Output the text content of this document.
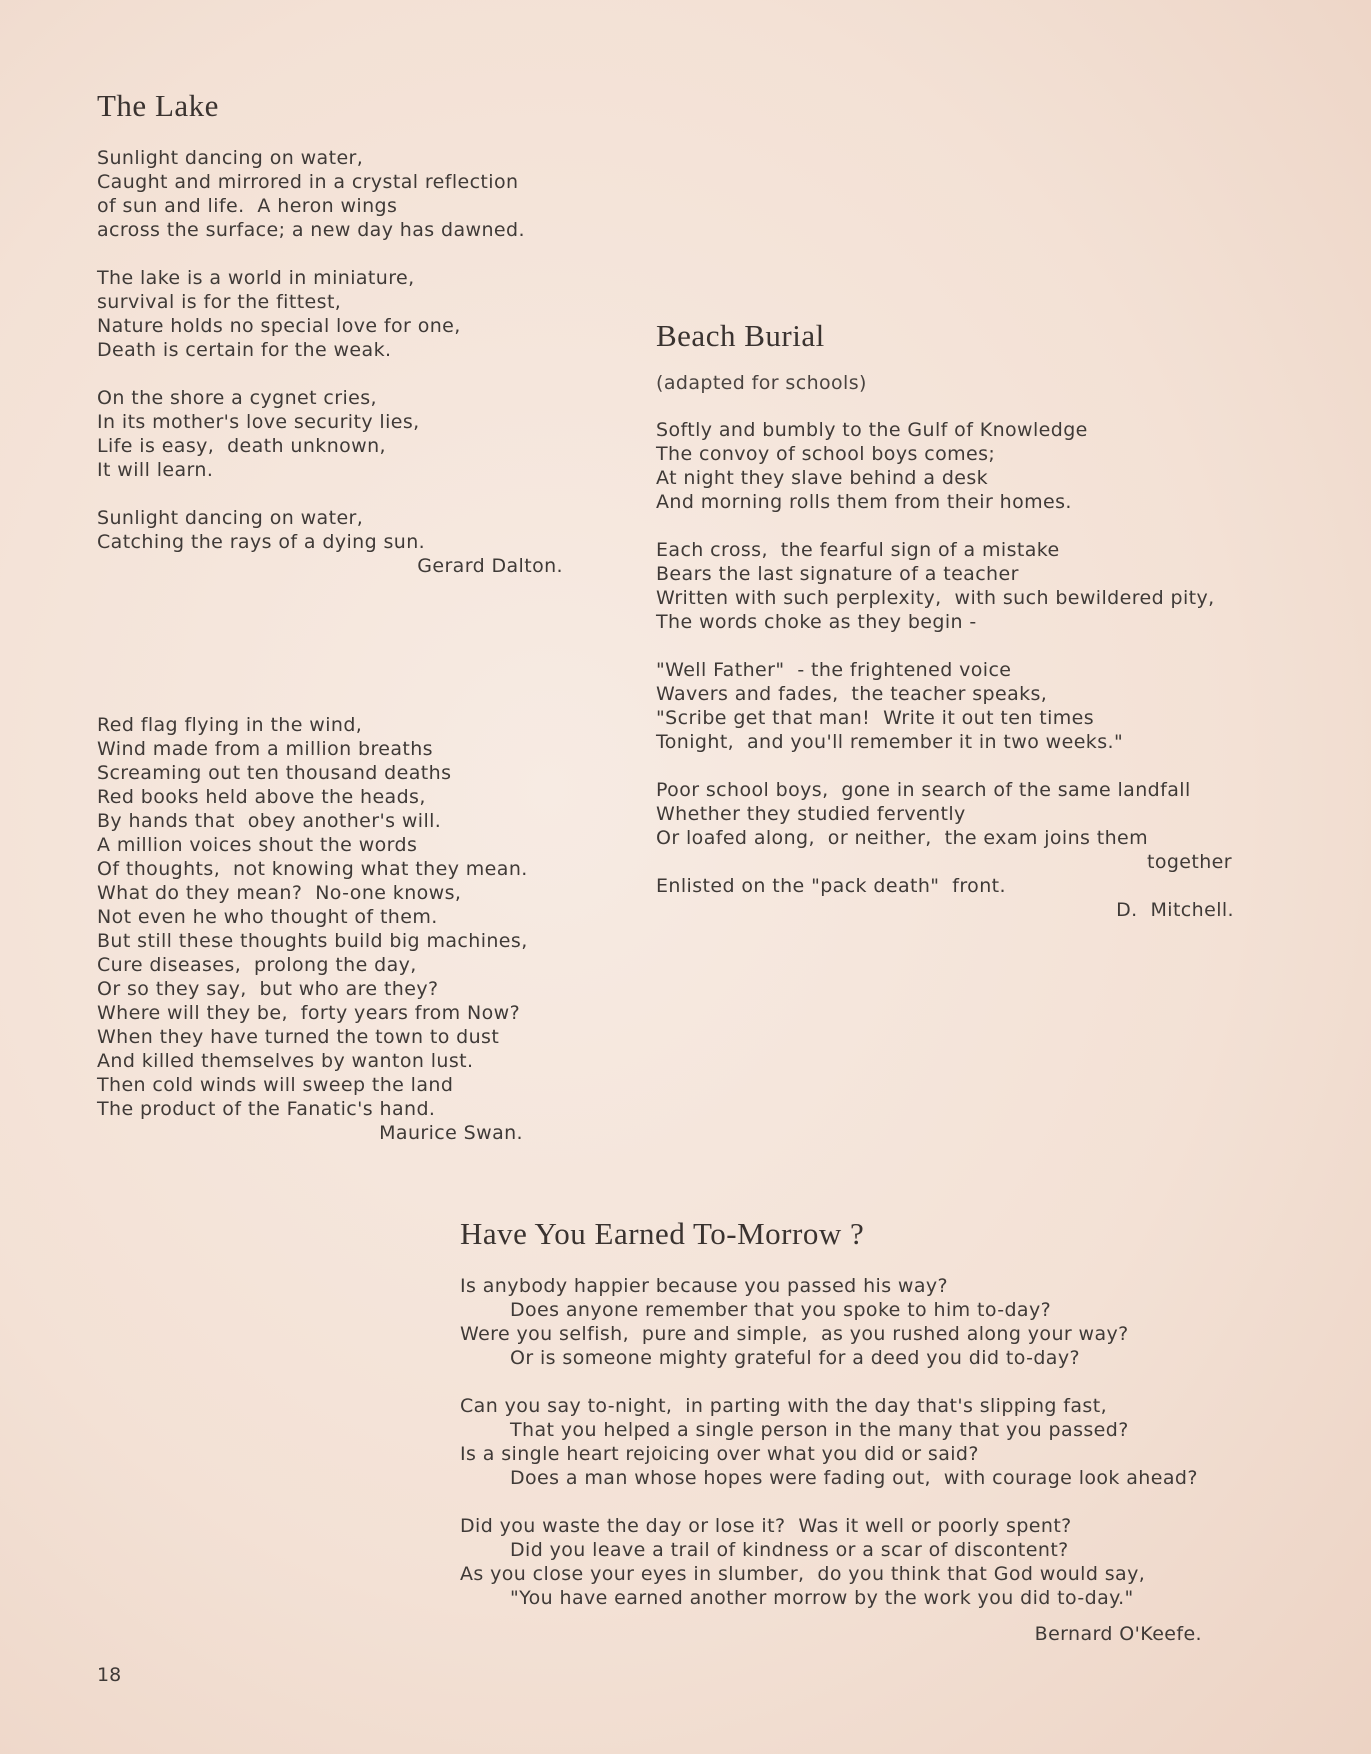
The Lake
Sunlight dancing on water,
Caught and mirrored in a crystal reflection
of sun and life.  A heron wings
across the surface; a new day has dawned.
The lake is a world in miniature,
survival is for the fittest,
Nature holds no special love for one,
Death is certain for the weak.
On the shore a cygnet cries,
In its mother's love security lies,
Life is easy,  death unknown,
It will learn.
Sunlight dancing on water,
Catching the rays of a dying sun.
Gerard Dalton.
Red flag flying in the wind,
Wind made from a million breaths
Screaming out ten thousand deaths
Red books held above the heads,
By hands that  obey another's will.
A million voices shout the words
Of thoughts,  not knowing what they mean.
What do they mean?  No-one knows,
Not even he who thought of them.
But still these thoughts build big machines,
Cure diseases,  prolong the day,
Or so they say,  but who are they?
Where will they be,  forty years from Now?
When they have turned the town to dust
And killed themselves by wanton lust.
Then cold winds will sweep the land
The product of the Fanatic's hand.
Maurice Swan.
Beach Burial
(adapted for schools)
Softly and bumbly to the Gulf of Knowledge
The convoy of school boys comes;
At night they slave behind a desk
And morning rolls them from their homes.
Each cross,  the fearful sign of a mistake
Bears the last signature of a teacher
Written with such perplexity,  with such bewildered pity,
The words choke as they begin -
"Well Father"  - the frightened voice
Wavers and fades,  the teacher speaks,
"Scribe get that man!  Write it out ten times
Tonight,  and you'll remember it in two weeks."
Poor school boys,  gone in search of the same landfall
Whether they studied fervently
Or loafed along,  or neither,  the exam joins them
together
Enlisted on the "pack death"  front.
D.  Mitchell.
Have You Earned To-Morrow ?
Is anybody happier because you passed his way?
Does anyone remember that you spoke to him to-day?
Were you selfish,  pure and simple,  as you rushed along your way?
Or is someone mighty grateful for a deed you did to-day?
Can you say to-night,  in parting with the day that's slipping fast,
That you helped a single person in the many that you passed?
Is a single heart rejoicing over what you did or said?
Does a man whose hopes were fading out,  with courage look ahead?
Did you waste the day or lose it?  Was it well or poorly spent?
Did you leave a trail of kindness or a scar of discontent?
As you close your eyes in slumber,  do you think that God would say,
"You have earned another morrow by the work you did to-day."
Bernard O'Keefe.
18
